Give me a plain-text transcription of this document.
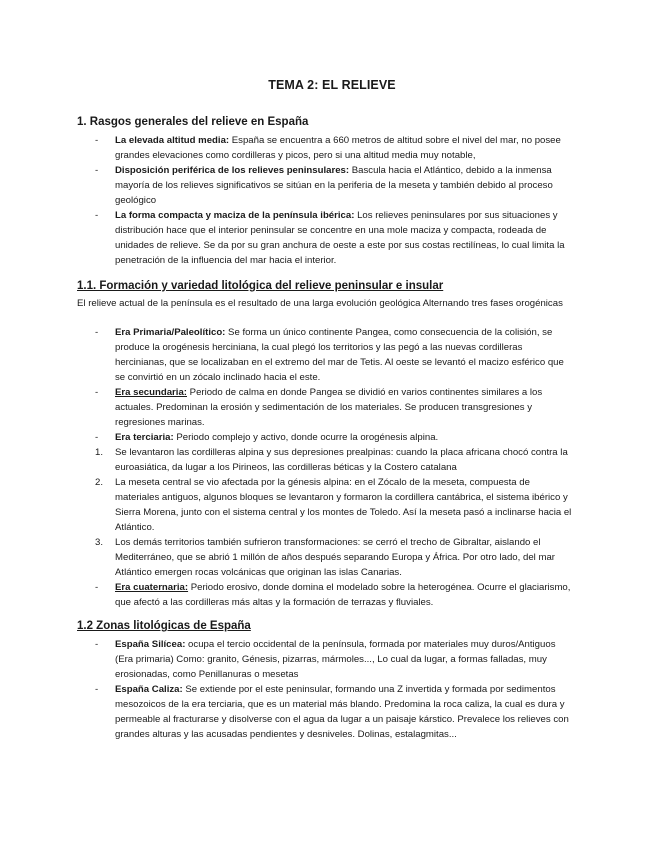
TEMA 2: EL RELIEVE
1. Rasgos generales del relieve en España
-	La elevada altitud media: España se encuentra a 660 metros de altitud sobre el nivel del mar, no posee grandes elevaciones como cordilleras y picos, pero si una altitud media muy notable,
-	Disposición periférica de los relieves peninsulares: Bascula hacia el Atlántico, debido a la inmensa mayoría de los relieves significativos se sitúan en la periferia de la meseta y también debido al proceso geológico
-	La forma compacta y maciza de la península ibérica: Los relieves peninsulares por sus situaciones y distribución hace que el interior peninsular se concentre en una mole maciza y compacta, rodeada de unidades de relieve. Se da por su gran anchura de oeste a este por sus costas rectilíneas, lo cual limita la penetración de la influencia del mar hacia el interior.
1.1. Formación y variedad litológica del relieve peninsular e insular
El relieve actual de la península es el resultado de una larga evolución geológica Alternando tres fases orogénicas
-	Era Primaria/Paleolítico: Se forma un único continente Pangea, como consecuencia de la colisión, se produce la orogénesis herciniana, la cual plegó los territorios y las pegó a las nuevas cordilleras hercinianas, que se localizaban en el extremo del mar de Tetis. Al oeste se levantó el macizo esférico que se convirtió en un zócalo inclinado hacia el este.
-	Era secundaria: Periodo de calma en donde Pangea se dividió en varios continentes similares a los actuales. Predominan la erosión y sedimentación de los materiales. Se producen transgresiones y regresiones marinas.
-	Era terciaria: Periodo complejo y activo, donde ocurre la orogénesis alpina.
1.	Se levantaron las cordilleras alpina y sus depresiones prealpinas: cuando la placa africana chocó contra la euroasiática, da lugar a los Pirineos, las cordilleras béticas y la Costero catalana
2.	La meseta central se vio afectada por la génesis alpina: en el Zócalo de la meseta, compuesta de materiales antiguos, algunos bloques se levantaron y formaron la cordillera cantábrica, el sistema ibérico y Sierra Morena, junto con el sistema central y los montes de Toledo. Así la meseta pasó a inclinarse hacia el Atlántico.
3.	Los demás territorios también sufrieron transformaciones: se cerró el trecho de Gibraltar, aislando el Mediterráneo, que se abrió 1 millón de años después separando Europa y África. Por otro lado, del mar Atlántico emergen rocas volcánicas que originan las islas Canarias.
-	Era cuaternaria: Periodo erosivo, donde domina el modelado sobre la heterogénea. Ocurre el glaciarismo, que afectó a las cordilleras más altas y la formación de terrazas y fluviales.
1.2 Zonas litológicas de España
-	España Silícea: ocupa el tercio occidental de la península, formada por materiales muy duros/Antiguos (Era primaria) Como: granito, Génesis, pizarras, mármoles..., Lo cual da lugar, a formas falladas, muy erosionadas, como Penillanuras o mesetas
-	España Caliza: Se extiende por el este peninsular, formando una Z invertida y formada por sedimentos mesozoicos de la era terciaria, que es un material más blando. Predomina la roca caliza, la cual es dura y permeable al fracturarse y disolverse con el agua da lugar a un paisaje kárstico. Prevalece los relieves con grandes alturas y las acusadas pendientes y desniveles. Dolinas, estalagmitas...
